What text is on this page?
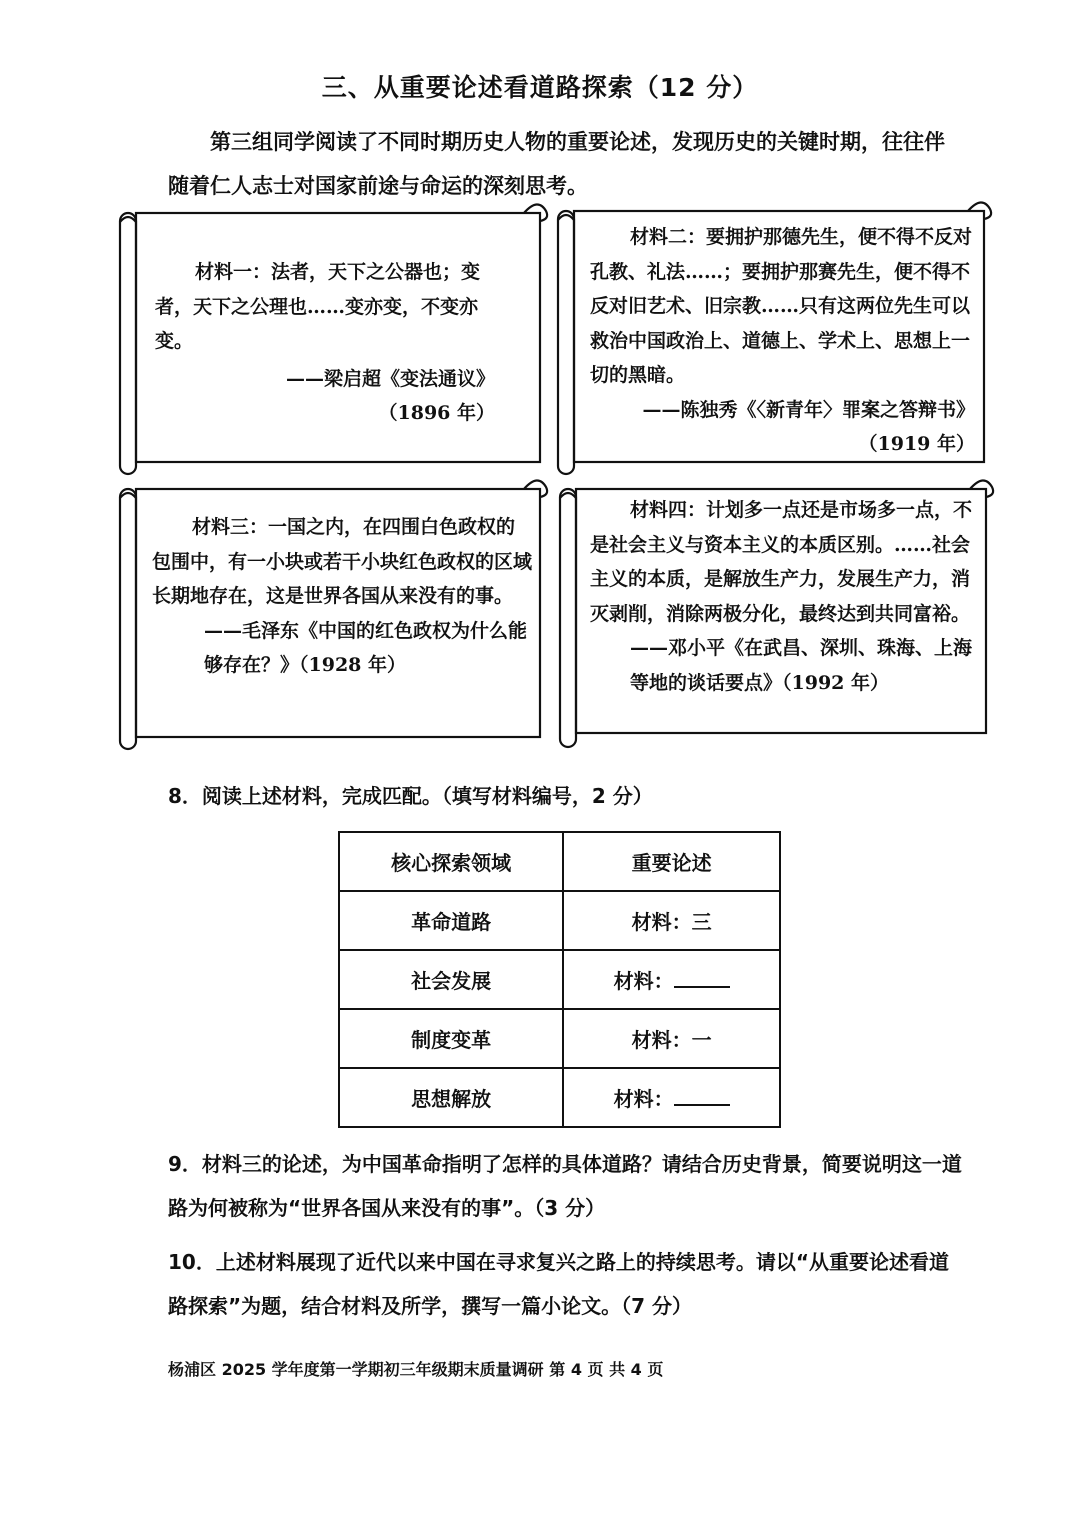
三、从重要论述看道路探索（12 分）
第三组同学阅读了不同时期历史人物的重要论述，发现历史的关键时期，往往伴随着仁人志士对国家前途与命运的深刻思考。
材料一：法者，天下之公器也；变者，天下之公理也……变亦变，不变亦变。
——梁启超《变法通议》
（1896 年）
材料二：要拥护那德先生，便不得不反对孔教、礼法……；要拥护那赛先生，便不得不反对旧艺术、旧宗教……只有这两位先生可以救治中国政治上、道德上、学术上、思想上一切的黑暗。
——陈独秀《〈新青年〉罪案之答辩书》
（1919 年）
材料三：一国之内，在四围白色政权的包围中，有一小块或若干小块红色政权的区域长期地存在，这是世界各国从来没有的事。
——毛泽东《中国的红色政权为什么能够存在？》（1928 年）
材料四：计划多一点还是市场多一点，不是社会主义与资本主义的本质区别。……社会主义的本质，是解放生产力，发展生产力，消灭剥削，消除两极分化，最终达到共同富裕。
——邓小平《在武昌、深圳、珠海、上海等地的谈话要点》（1992 年）
8．阅读上述材料，完成匹配。（填写材料编号，2 分）
核心探索领域	重要论述
革命道路	材料：三
社会发展	材料：
制度变革	材料：一
思想解放	材料：
9．材料三的论述，为中国革命指明了怎样的具体道路？请结合历史背景，简要说明这一道路为何被称为“世界各国从来没有的事”。（3 分）
10．上述材料展现了近代以来中国在寻求复兴之路上的持续思考。请以“从重要论述看道路探索”为题，结合材料及所学，撰写一篇小论文。（7 分）
杨浦区 2025 学年度第一学期初三年级期末质量调研 第 4 页 共 4 页
